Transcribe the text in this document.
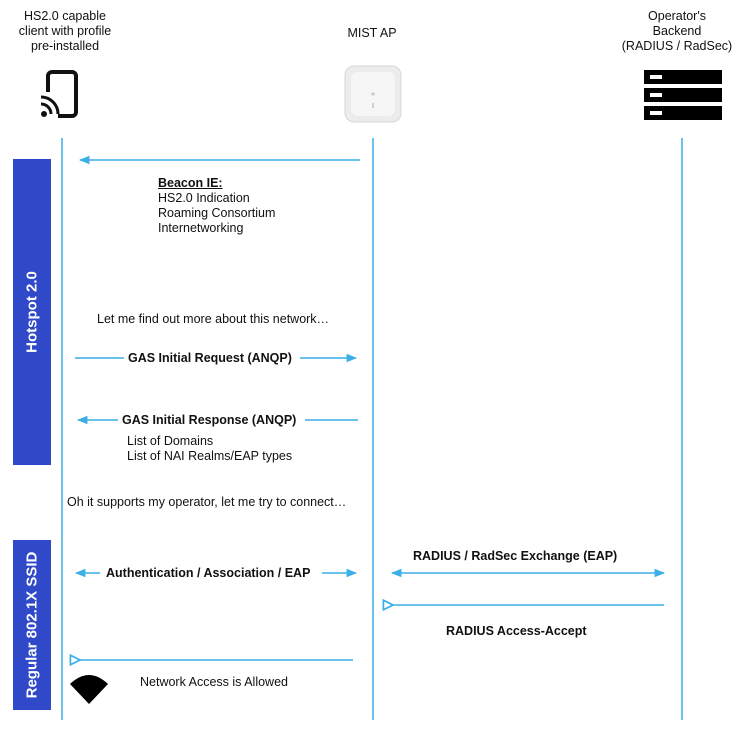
HS2.0 capable
client with profile
pre-installed
MIST AP
Operator's
Backend
(RADIUS / RadSec)
Hotspot 2.0
Regular 802.1X SSID
Beacon IE:
HS2.0 Indication
Roaming Consortium
Internetworking
Let me find out more about this network…
GAS Initial Request (ANQP)
GAS Initial Response (ANQP)
List of Domains
List of NAI Realms/EAP types
Oh it supports my operator, let me try to connect…
Authentication / Association / EAP
RADIUS / RadSec Exchange (EAP)
RADIUS Access-Accept
Network Access is Allowed
